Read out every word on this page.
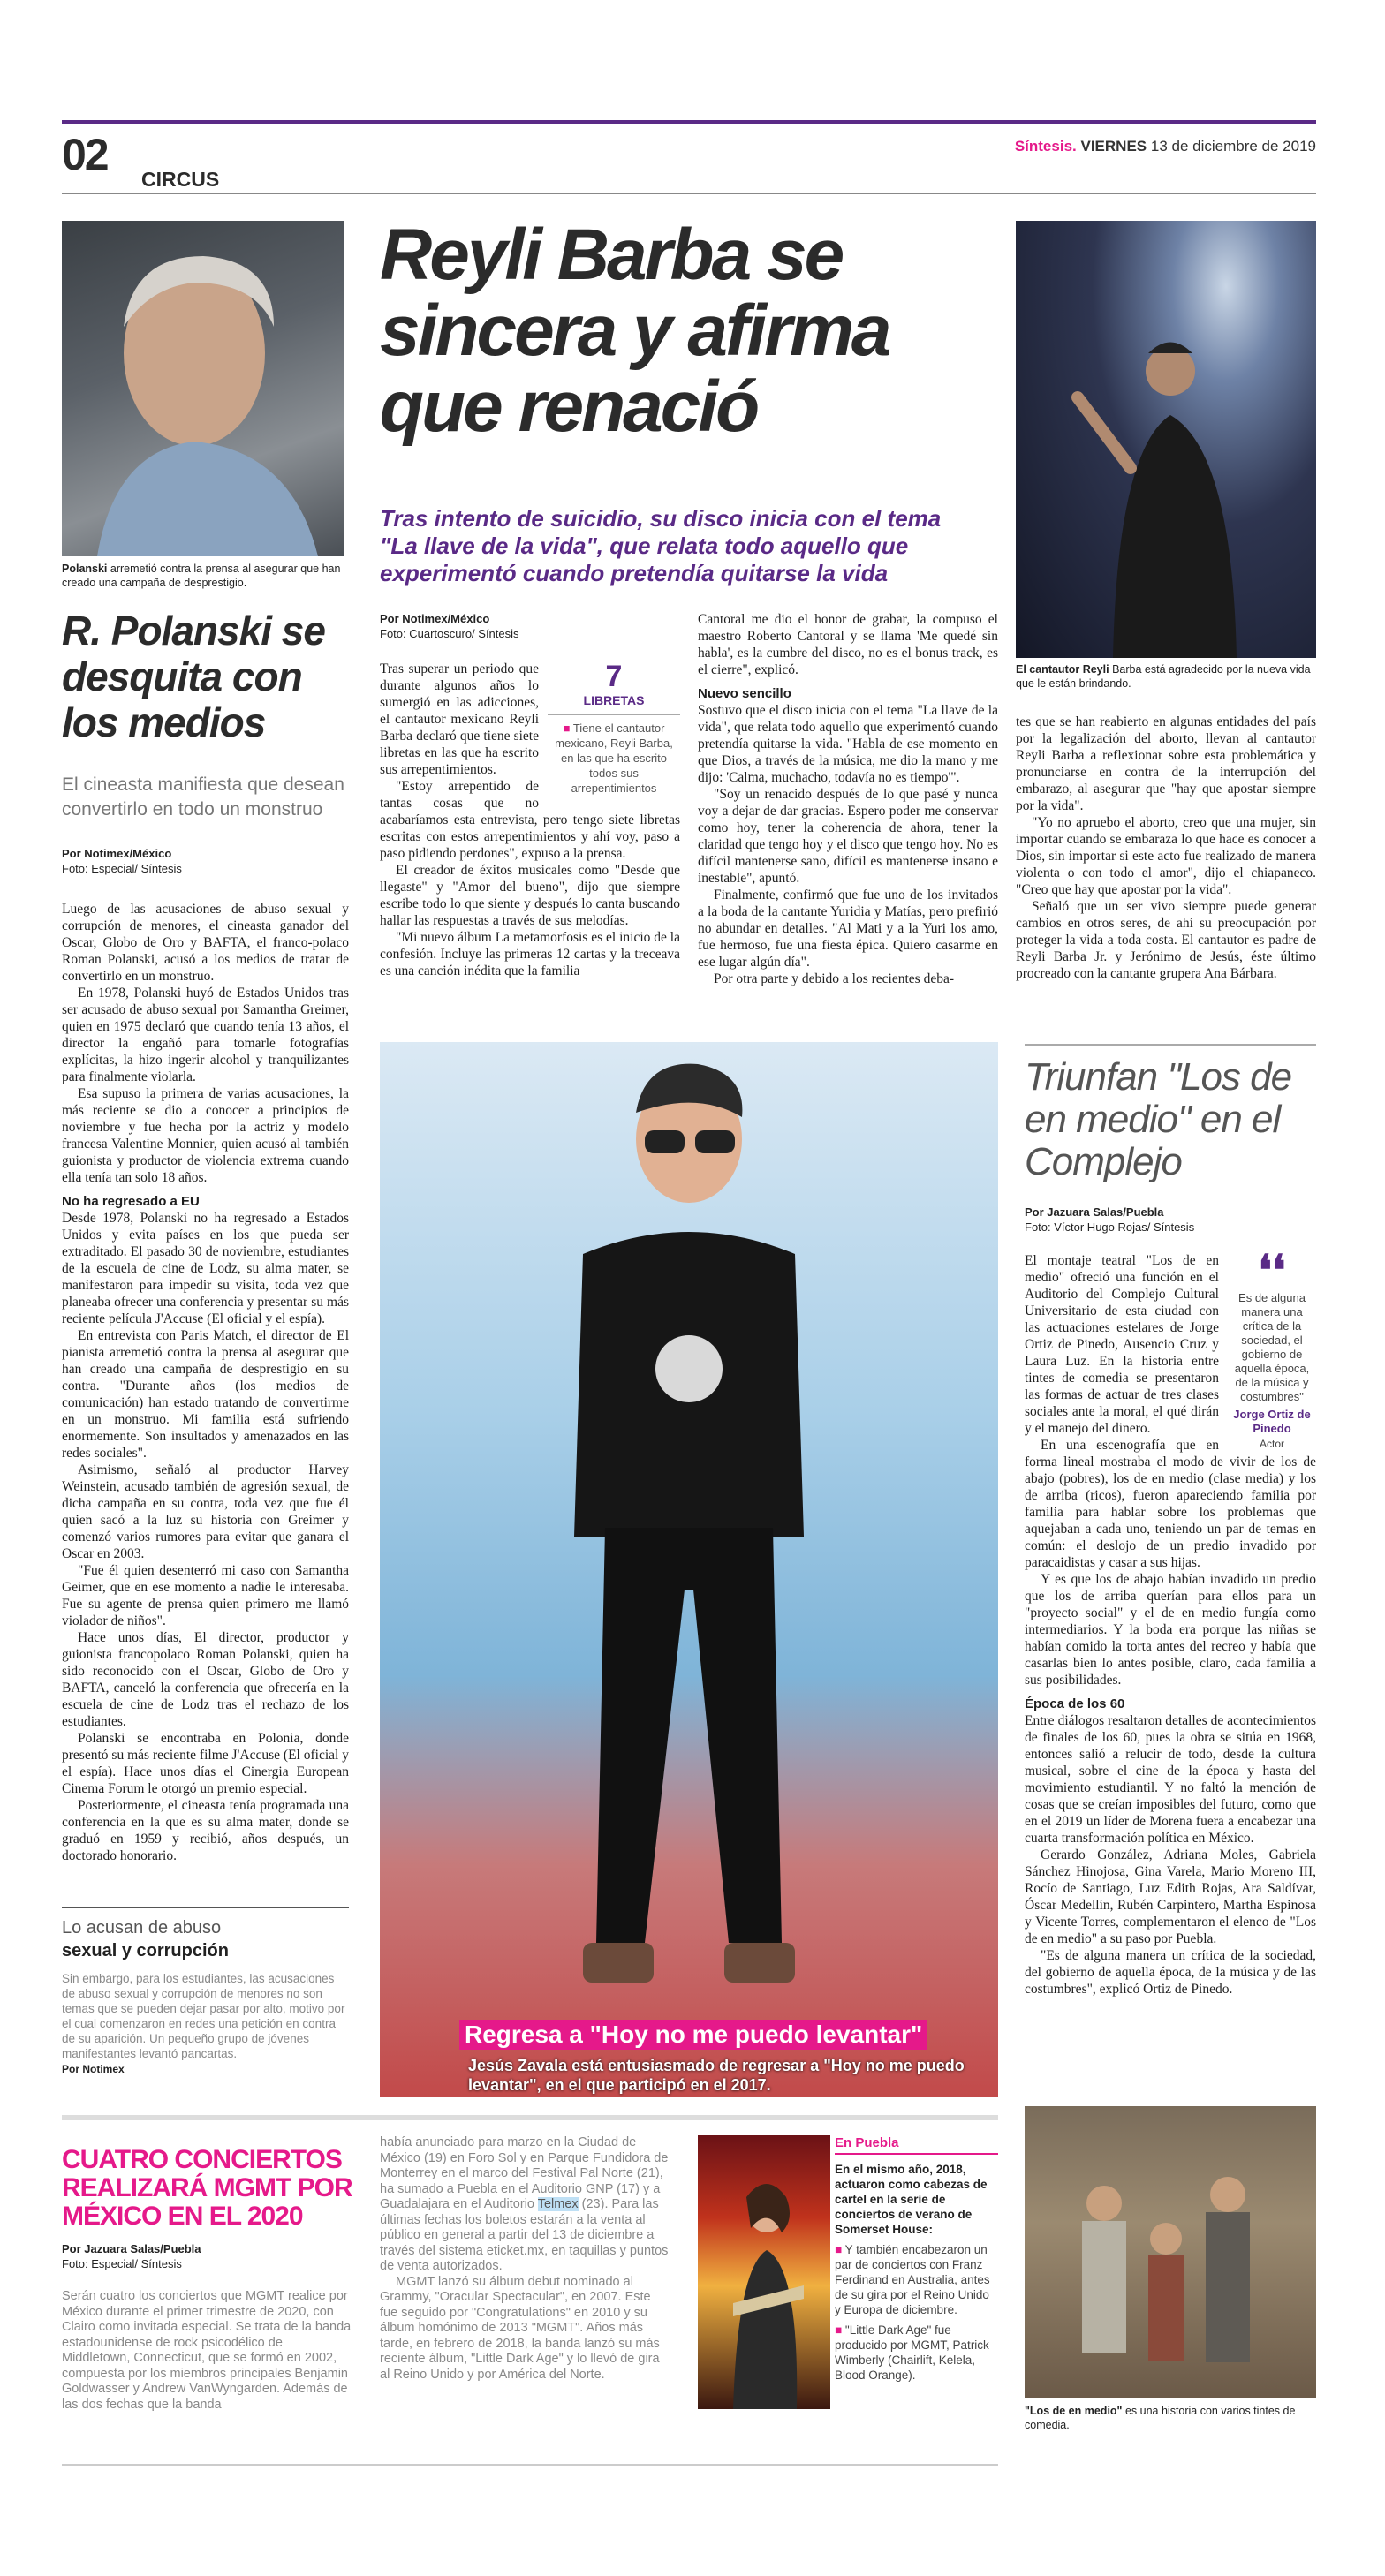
02 CIRCUS
Síntesis. VIERNES 13 de diciembre de 2019
Polanski arremetió contra la prensa al asegurar que han creado una campaña de desprestigio.
R. Polanski se desquita con los medios
El cineasta manifiesta que desean convertirlo en todo un monstruo
Por Notimex/México
Foto: Especial/ Síntesis

Luego de las acusaciones de abuso sexual y corrupción de menores, el cineasta ganador del Oscar, Globo de Oro y BAFTA, el franco-polaco Roman Polanski, acusó a los medios de tratar de convertirlo en un monstruo.

En 1978, Polanski huyó de Estados Unidos tras ser acusado de abuso sexual por Samantha Greimer, quien en 1975 declaró que cuando tenía 13 años, el director la engañó para tomarle fotografías explícitas, la hizo ingerir alcohol y tranquilizantes para finalmente violarla.

Esa supuso la primera de varias acusaciones, la más reciente se dio a conocer a principios de noviembre y fue hecha por la actriz y modelo francesa Valentine Monnier, quien acusó al también guionista y productor de violencia extrema cuando ella tenía tan solo 18 años.

No ha regresado a EU

Desde 1978, Polanski no ha regresado a Estados Unidos y evita países en los que pueda ser extraditado. El pasado 30 de noviembre, estudiantes de la escuela de cine de Lodz, su alma mater, se manifestaron para impedir su visita, toda vez que planeaba ofrecer una conferencia y presentar su más reciente película J'Accuse (El oficial y el espía).

En entrevista con Paris Match, el director de El pianista arremetió contra la prensa al asegurar que han creado una campaña de desprestigio en su contra. "Durante años (los medios de comunicación) han estado tratando de convertirme en un monstruo. Mi familia está sufriendo enormemente. Son insultados y amenazados en las redes sociales".

Asimismo, señaló al productor Harvey Weinstein, acusado también de agresión sexual, de dicha campaña en su contra, toda vez que fue él quien sacó a la luz su historia con Greimer y comenzó varios rumores para evitar que ganara el Oscar en 2003.

"Fue él quien desenterró mi caso con Samantha Geimer, que en ese momento a nadie le interesaba. Fue su agente de prensa quien primero me llamó violador de niños".

Hace unos días, El director, productor y guionista francopolaco Roman Polanski, quien ha sido reconocido con el Oscar, Globo de Oro y BAFTA, canceló la conferencia que ofrecería en la escuela de cine de Lodz tras el rechazo de los estudiantes.

Polanski se encontraba en Polonia, donde presentó su más reciente filme J'Accuse (El oficial y el espía). Hace unos días el Cinergia European Cinema Forum le otorgó un premio especial.

Posteriormente, el cineasta tenía programada una conferencia en la que es su alma mater, donde se graduó en 1959 y recibió, años después, un doctorado honorario.

Lo acusan de abuso
sexual y corrupción
Sin embargo, para los estudiantes, las acusaciones de abuso sexual y corrupción de menores no son temas que se pueden dejar pasar por alto, motivo por el cual comenzaron en redes una petición en contra de su aparición. Un pequeño grupo de jóvenes manifestantes levantó pancartas.
Por Notimex
Reyli Barba se sincera y afirma que renació
Tras intento de suicidio, su disco inicia con el tema "La llave de la vida", que relata todo aquello que experimentó cuando pretendía quitarse la vida
El cantautor Reyli Barba está agradecido por la nueva vida que le están brindando.
Por Notimex/México
Foto: Cuartoscuro/ Síntesis
7
LIBRETAS
■ Tiene el cantautor mexicano, Reyli Barba, en las que ha escrito todos sus arrepentimientos

Tras superar un periodo que durante algunos años lo sumergió en las adicciones, el cantautor mexicano Reyli Barba declaró que tiene siete libretas en las que ha escrito sus arrepentimientos.

"Estoy arrepentido de tantas cosas que no acabaríamos esta entrevista, pero tengo siete libretas escritas con estos arrepentimientos y ahí voy, paso a paso pidiendo perdones", expuso a la prensa.

El creador de éxitos musicales como "Desde que llegaste" y "Amor del bueno", dijo que siempre escribe todo lo que siente y después lo canta buscando hallar las respuestas a través de sus melodías.

"Mi nuevo álbum La metamorfosis es el inicio de la confesión. Incluye las primeras 12 cartas y la treceava es una canción inédita que la familia

Cantoral me dio el honor de grabar, la compuso el maestro Roberto Cantoral y se llama 'Me quedé sin habla', es la cumbre del disco, no es el bonus track, es el cierre", explicó.

Nuevo sencillo

Sostuvo que el disco inicia con el tema "La llave de la vida", que relata todo aquello que experimentó cuando pretendía quitarse la vida. "Habla de ese momento en que Dios, a través de la música, me dio la mano y me dijo: 'Calma, muchacho, todavía no es tiempo'".

"Soy un renacido después de lo que pasé y nunca voy a dejar de dar gracias. Espero poder me conservar como hoy, tener la coherencia de ahora, tener la claridad que tengo hoy y el disco que tengo hoy. No es difícil mantenerse sano, difícil es mantenerse insano e inestable", apuntó.

Finalmente, confirmó que fue uno de los invitados a la boda de la cantante Yuridia y Matías, pero prefirió no abundar en detalles. "Al Mati y a la Yuri los amo, fue hermoso, fue una fiesta épica. Quiero casarme en ese lugar algún día".

Por otra parte y debido a los recientes deba-

tes que se han reabierto en algunas entidades del país por la legalización del aborto, llevan al cantautor Reyli Barba a reflexionar sobre esta problemática y pronunciarse en contra de la interrupción del embarazo, al asegurar que "hay que apostar siempre por la vida".

"Yo no apruebo el aborto, creo que una mujer, sin importar cuando se embaraza lo que hace es conocer a Dios, sin importar si este acto fue realizado de manera violenta o con todo el amor", dijo el chiapaneco. "Creo que hay que apostar por la vida".

Señaló que un ser vivo siempre puede generar cambios en otros seres, de ahí su preocupación por proteger la vida a toda costa. El cantautor es padre de Reyli Barba Jr. y Jerónimo de Jesús, éste último procreado con la cantante grupera Ana Bárbara.

Regresa a "Hoy no me puedo levantar"
Jesús Zavala está entusiasmado de regresar a "Hoy no me puedo levantar", en el que participó en el 2017.
Triunfan "Los de en medio" en el Complejo
Por Jazuara Salas/Puebla
Foto: Víctor Hugo Rojas/ Síntesis
❛❛
Es de alguna manera una crítica de la sociedad, el gobierno de aquella época, de la música y costumbres"
Jorge Ortiz de Pinedo
Actor

El montaje teatral "Los de en medio" ofreció una función en el Auditorio del Complejo Cultural Universitario de esta ciudad con las actuaciones estelares de Jorge Ortiz de Pinedo, Ausencio Cruz y Laura Luz. En la historia entre tintes de comedia se presentaron las formas de actuar de tres clases sociales ante la moral, el qué dirán y el manejo del dinero.

En una escenografía que en forma lineal mostraba el modo de vivir de los de abajo (pobres), los de en medio (clase media) y los de arriba (ricos), fueron apareciendo familia por familia para hablar sobre los problemas que aquejaban a cada uno, teniendo un par de temas en común: el deslojo de un predio invadido por paracaidistas y casar a sus hijas.

Y es que los de abajo habían invadido un predio que los de arriba querían para ellos para un "proyecto social" y el de en medio fungía como intermediarios. Y la boda era porque las niñas se habían comido la torta antes del recreo y había que casarlas bien lo antes posible, claro, cada familia a sus posibilidades.

Época de los 60

Entre diálogos resaltaron detalles de acontecimientos de finales de los 60, pues la obra se sitúa en 1968, entonces salió a relucir de todo, desde la cultura musical, sobre el cine de la época y hasta del movimiento estudiantil. Y no faltó la mención de cosas que se creían imposibles del futuro, como que en el 2019 un líder de Morena fuera a encabezar una cuarta transformación política en México.

Gerardo González, Adriana Moles, Gabriela Sánchez Hinojosa, Gina Varela, Mario Moreno III, Rocío de Santiago, Luz Edith Rojas, Ara Saldívar, Óscar Medellín, Rubén Carpintero, Martha Espinosa y Vicente Torres, complementaron el elenco de "Los de en medio" a su paso por Puebla.

"Es de alguna manera un crítica de la sociedad, del gobierno de aquella época, de la música y de las costumbres", explicó Ortiz de Pinedo.

"Los de en medio" es una historia con varios tintes de comedia.
CUATRO CONCIERTOS REALIZARÁ MGMT POR MÉXICO EN EL 2020
Por Jazuara Salas/Puebla
Foto: Especial/ Síntesis
Serán cuatro los conciertos que MGMT realice por México durante el primer trimestre de 2020, con Clairo como invitada especial. Se trata de la banda estadounidense de rock psicodélico de Middletown, Connecticut, que se formó en 2002, compuesta por los miembros principales Benjamin Goldwasser y Andrew VanWyngarden. Además de las dos fechas que la banda
había anunciado para marzo en la Ciudad de México (19) en Foro Sol y en Parque Fundidora de Monterrey en el marco del Festival Pal Norte (21), ha sumado a Puebla en el Auditorio GNP (17) y a Guadalajara en el Auditorio Telmex (23). Para las últimas fechas los boletos estarán a la venta al público en general a partir del 13 de diciembre a través del sistema eticket.mx, en taquillas y puntos de venta autorizados.
MGMT lanzó su álbum debut nominado al Grammy, "Oracular Spectacular", en 2007. Este fue seguido por "Congratulations" en 2010 y su álbum homónimo de 2013 "MGMT". Años más tarde, en febrero de 2018, la banda lanzó su más reciente álbum, "Little Dark Age" y lo llevó de gira al Reino Unido y por América del Norte.
En Puebla
En el mismo año, 2018, actuaron como cabezas de cartel en la serie de conciertos de verano de Somerset House:
■ Y también encabezaron un par de conciertos con Franz Ferdinand en Australia, antes de su gira por el Reino Unido y Europa de diciembre.
■ "Little Dark Age" fue producido por MGMT, Patrick Wimberly (Chairlift, Kelela, Blood Orange).
